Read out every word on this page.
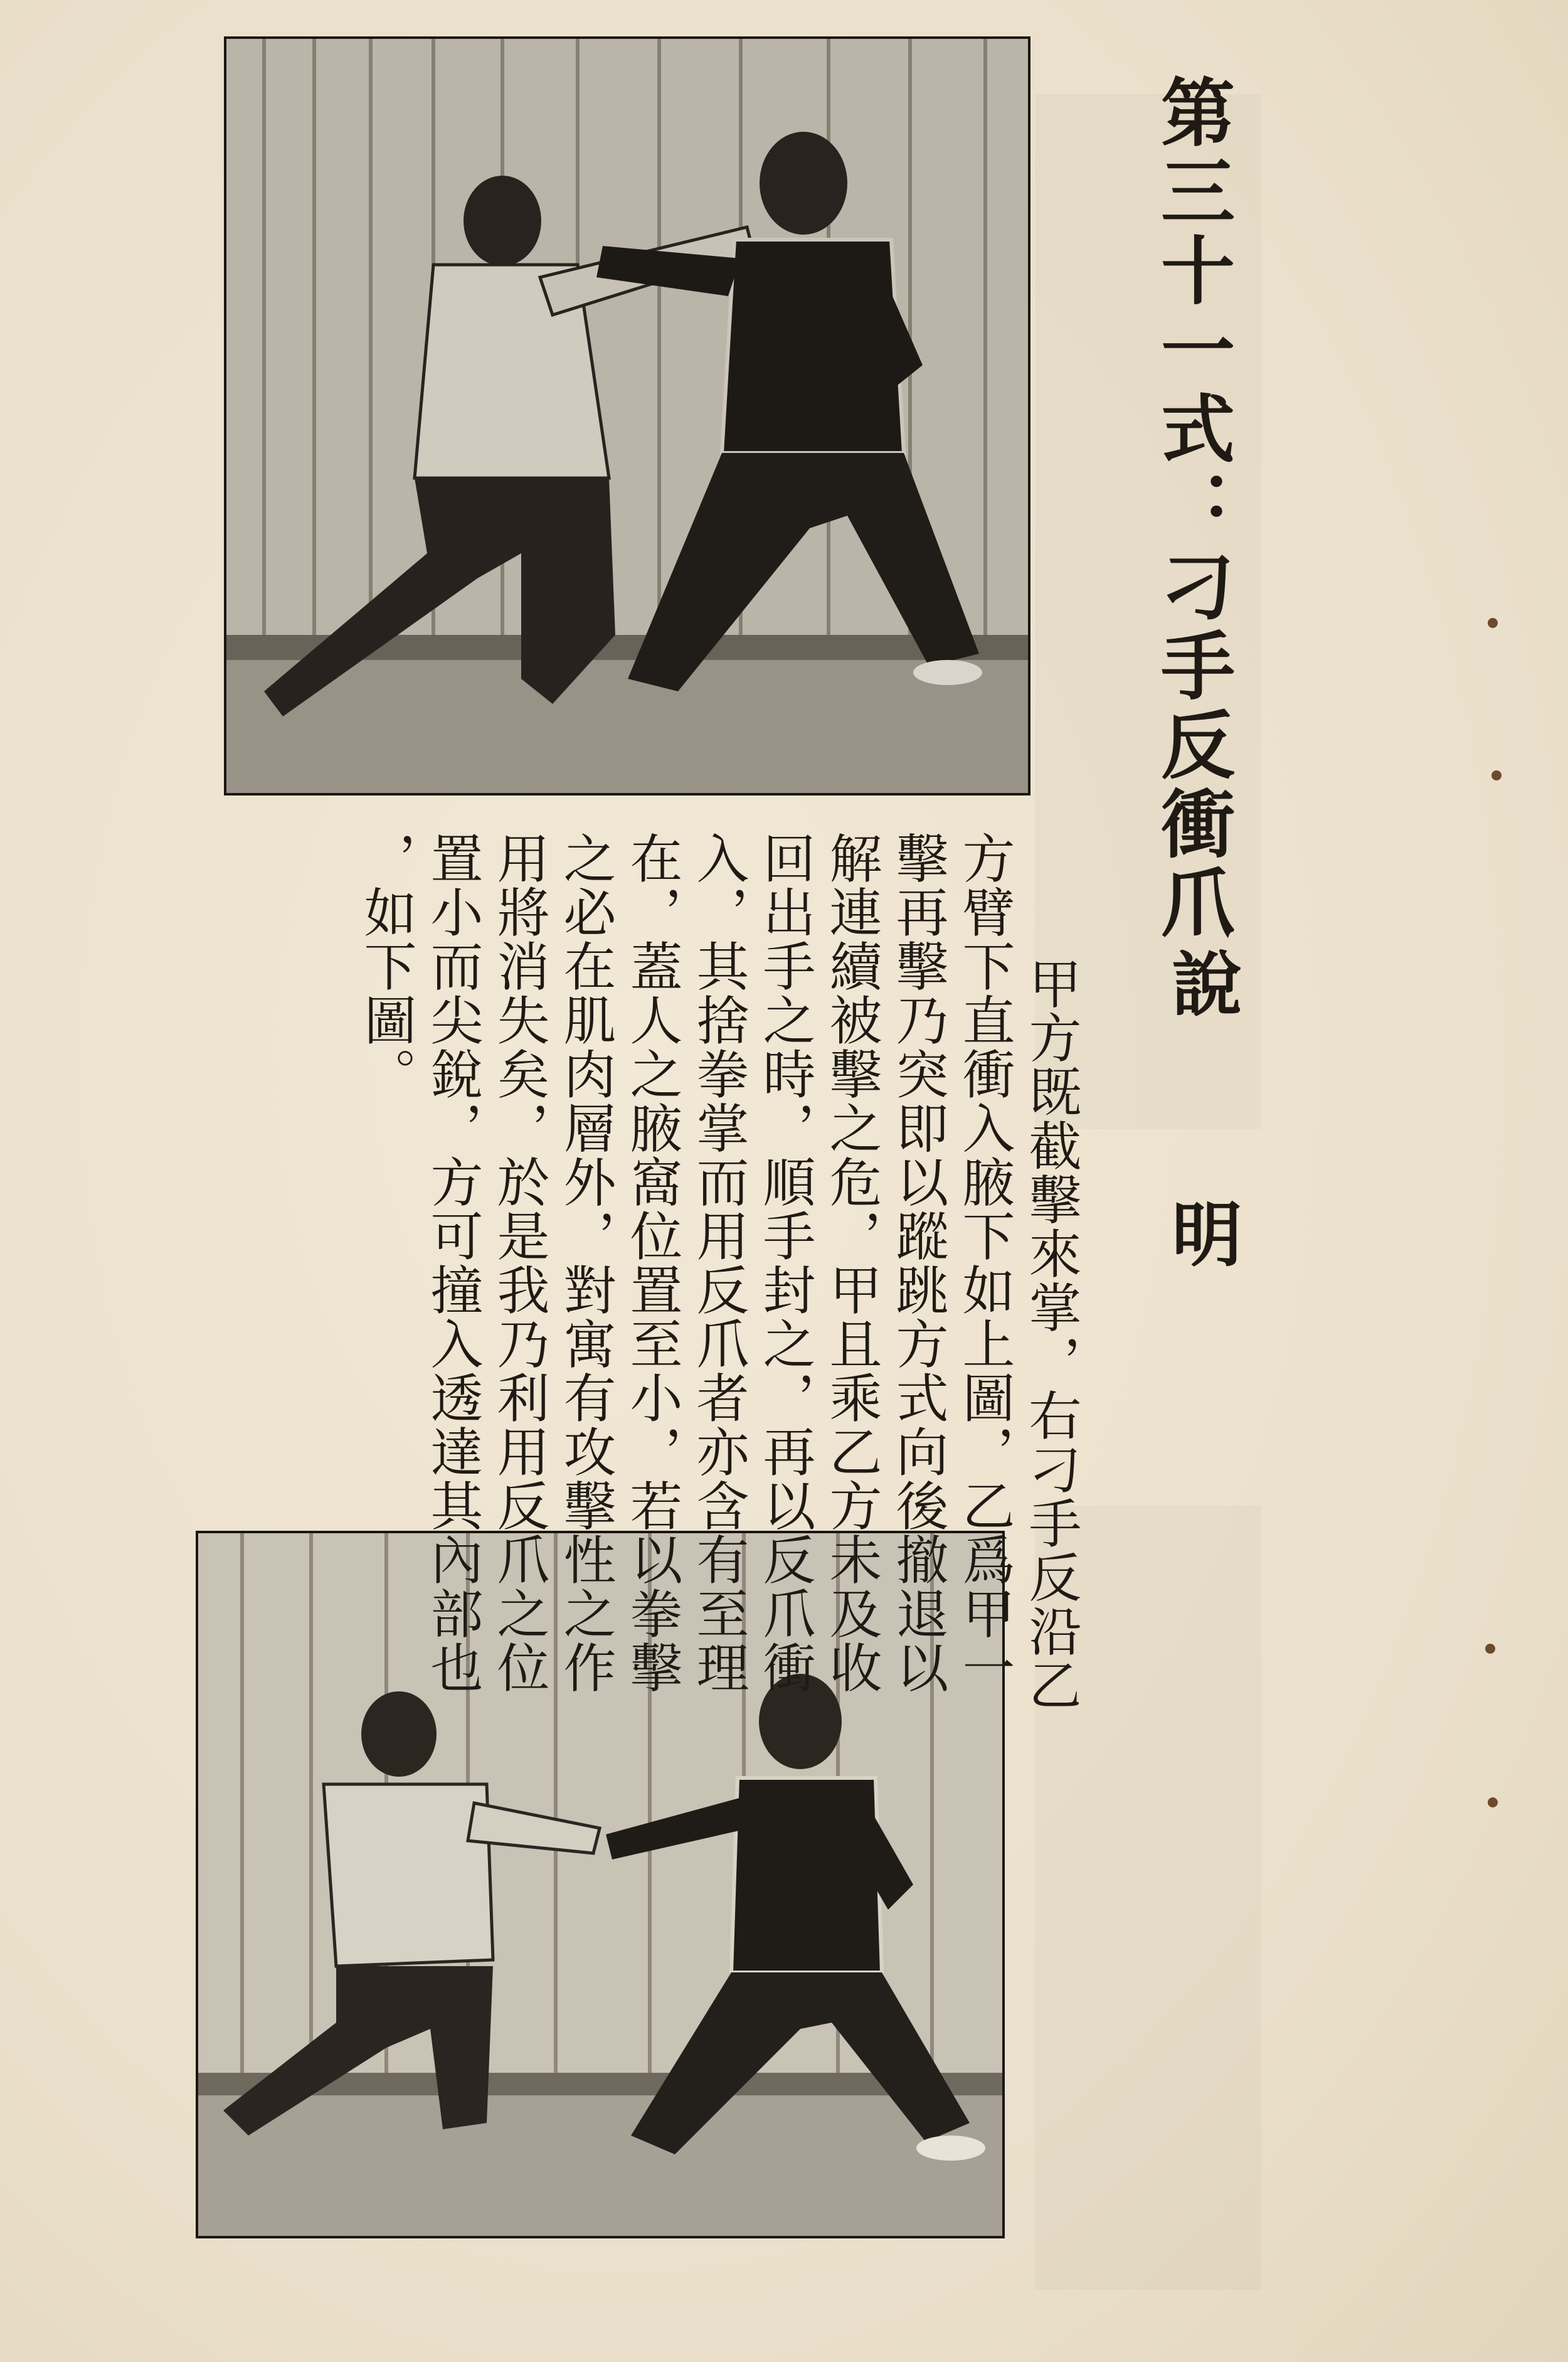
第三十一式：刁手反衝爪
說 明
甲方既截擊來掌，右刁手反沿乙
方臂下直衝入腋下如上圖，乙爲甲一
擊再擊乃突即以蹤跳方式向後撤退以
解連續被擊之危，甲且乘乙方未及收
回出手之時，順手封之，再以反爪衝
入，其捨拳掌而用反爪者亦含有至理
在，蓋人之腋窩位置至小，若以拳擊
之必在肌肉層外，對寓有攻擊性之作
用將消失矣，於是我乃利用反爪之位
置小而尖銳，方可撞入透達其內部也
，如下圖。
